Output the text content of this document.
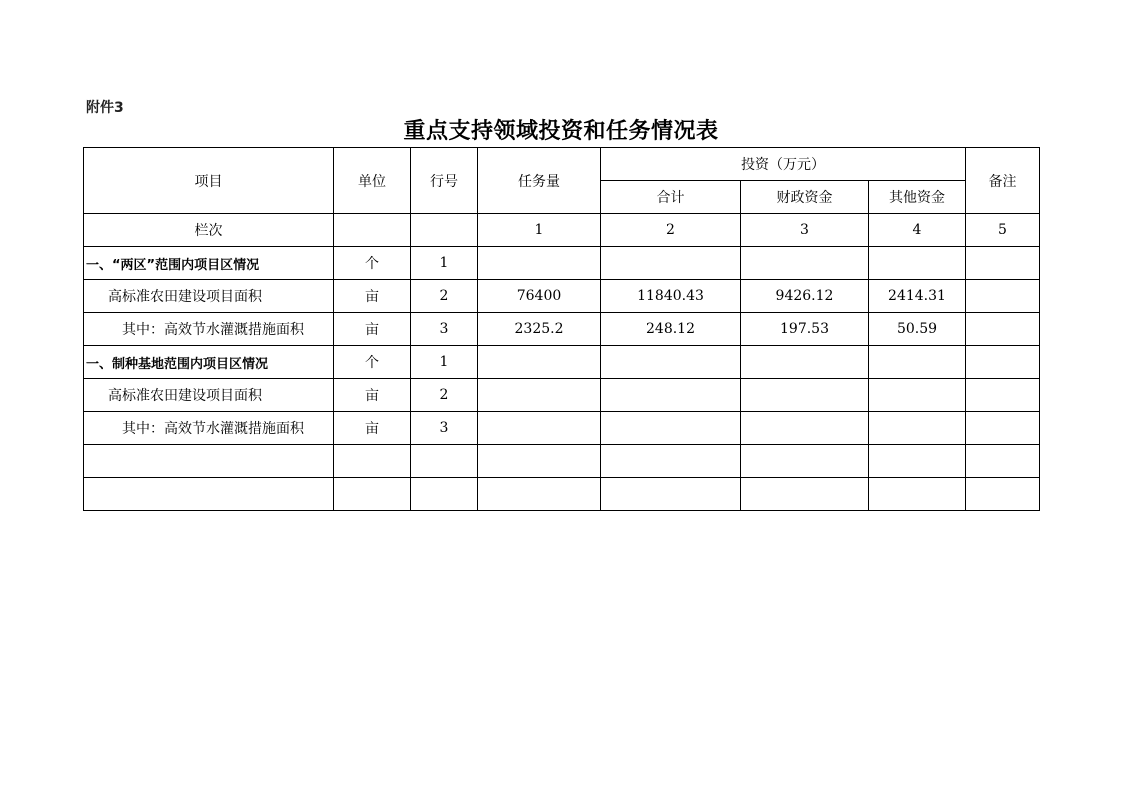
附件3
重点支持领域投资和任务情况表
项目	单位	行号	任务量	投资（万元）			备注
				合计	财政资金	其他资金	
栏次			1	2	3	4	5
一、“两区”范围内项目区情况	个	1					
高标准农田建设项目面积	亩	2	76400	11840.43	9426.12	2414.31	
其中：高效节水灌溉措施面积	亩	3	2325.2	248.12	197.53	50.59	
一、制种基地范围内项目区情况	个	1					
高标准农田建设项目面积	亩	2					
其中：高效节水灌溉措施面积	亩	3					
